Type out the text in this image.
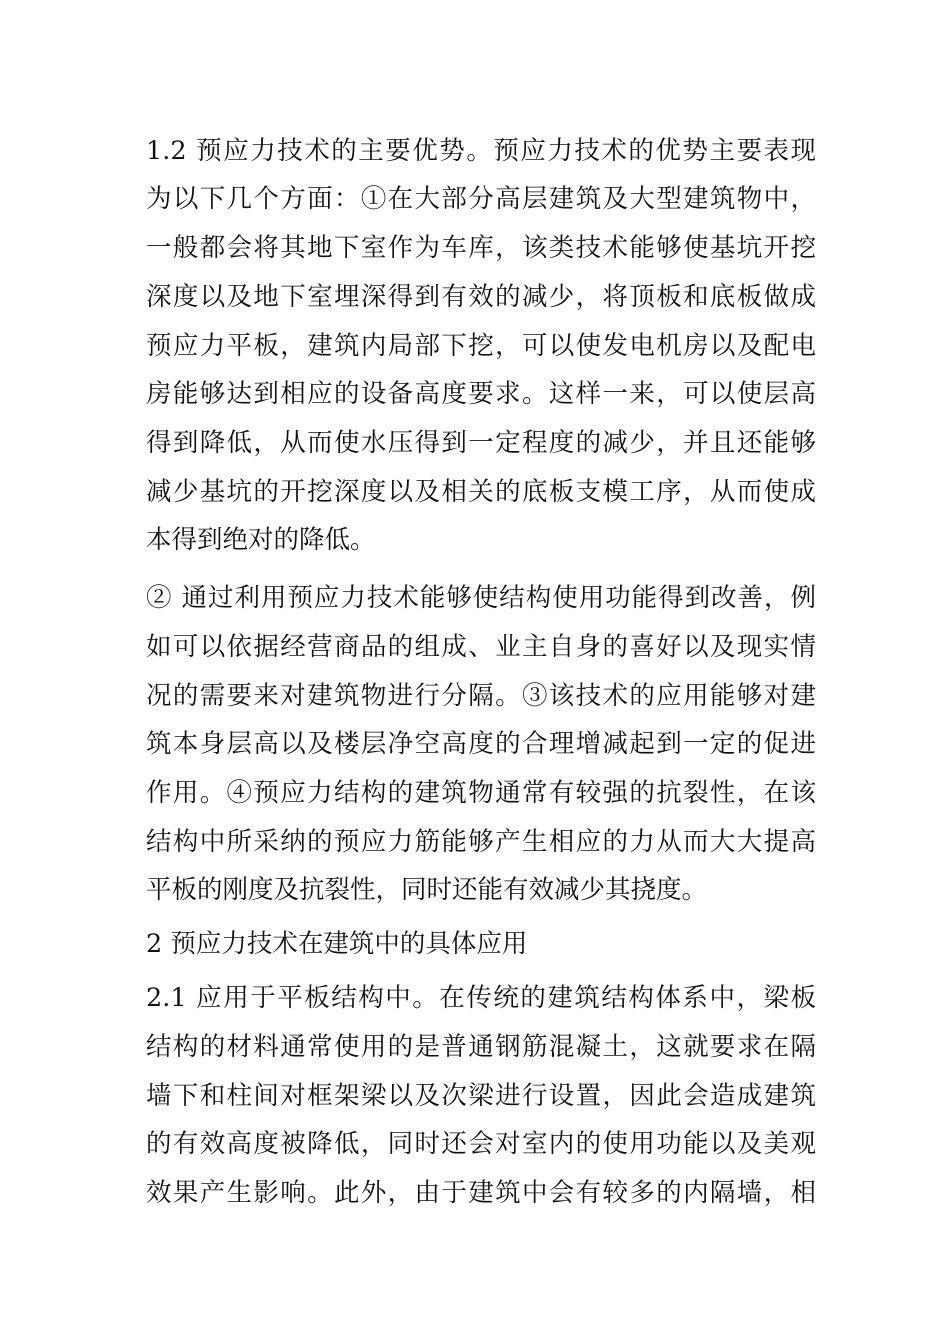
1.2 预应力技术的主要优势。预应力技术的优势主要表现
为以下几个方面：①在大部分高层建筑及大型建筑物中，
一般都会将其地下室作为车库，该类技术能够使基坑开挖
深度以及地下室埋深得到有效的减少，将顶板和底板做成
预应力平板，建筑内局部下挖，可以使发电机房以及配电
房能够达到相应的设备高度要求。这样一来，可以使层高
得到降低，从而使水压得到一定程度的减少，并且还能够
减少基坑的开挖深度以及相关的底板支模工序，从而使成
本得到绝对的降低。
② 通过利用预应力技术能够使结构使用功能得到改善，例
如可以依据经营商品的组成、业主自身的喜好以及现实情
况的需要来对建筑物进行分隔。③该技术的应用能够对建
筑本身层高以及楼层净空高度的合理增减起到一定的促进
作用。④预应力结构的建筑物通常有较强的抗裂性，在该
结构中所采纳的预应力筋能够产生相应的力从而大大提高
平板的刚度及抗裂性，同时还能有效减少其挠度。
2 预应力技术在建筑中的具体应用
2.1 应用于平板结构中。在传统的建筑结构体系中，梁板
结构的材料通常使用的是普通钢筋混凝土，这就要求在隔
墙下和柱间对框架梁以及次梁进行设置，因此会造成建筑
的有效高度被降低，同时还会对室内的使用功能以及美观
效果产生影响。此外，由于建筑中会有较多的内隔墙，相
